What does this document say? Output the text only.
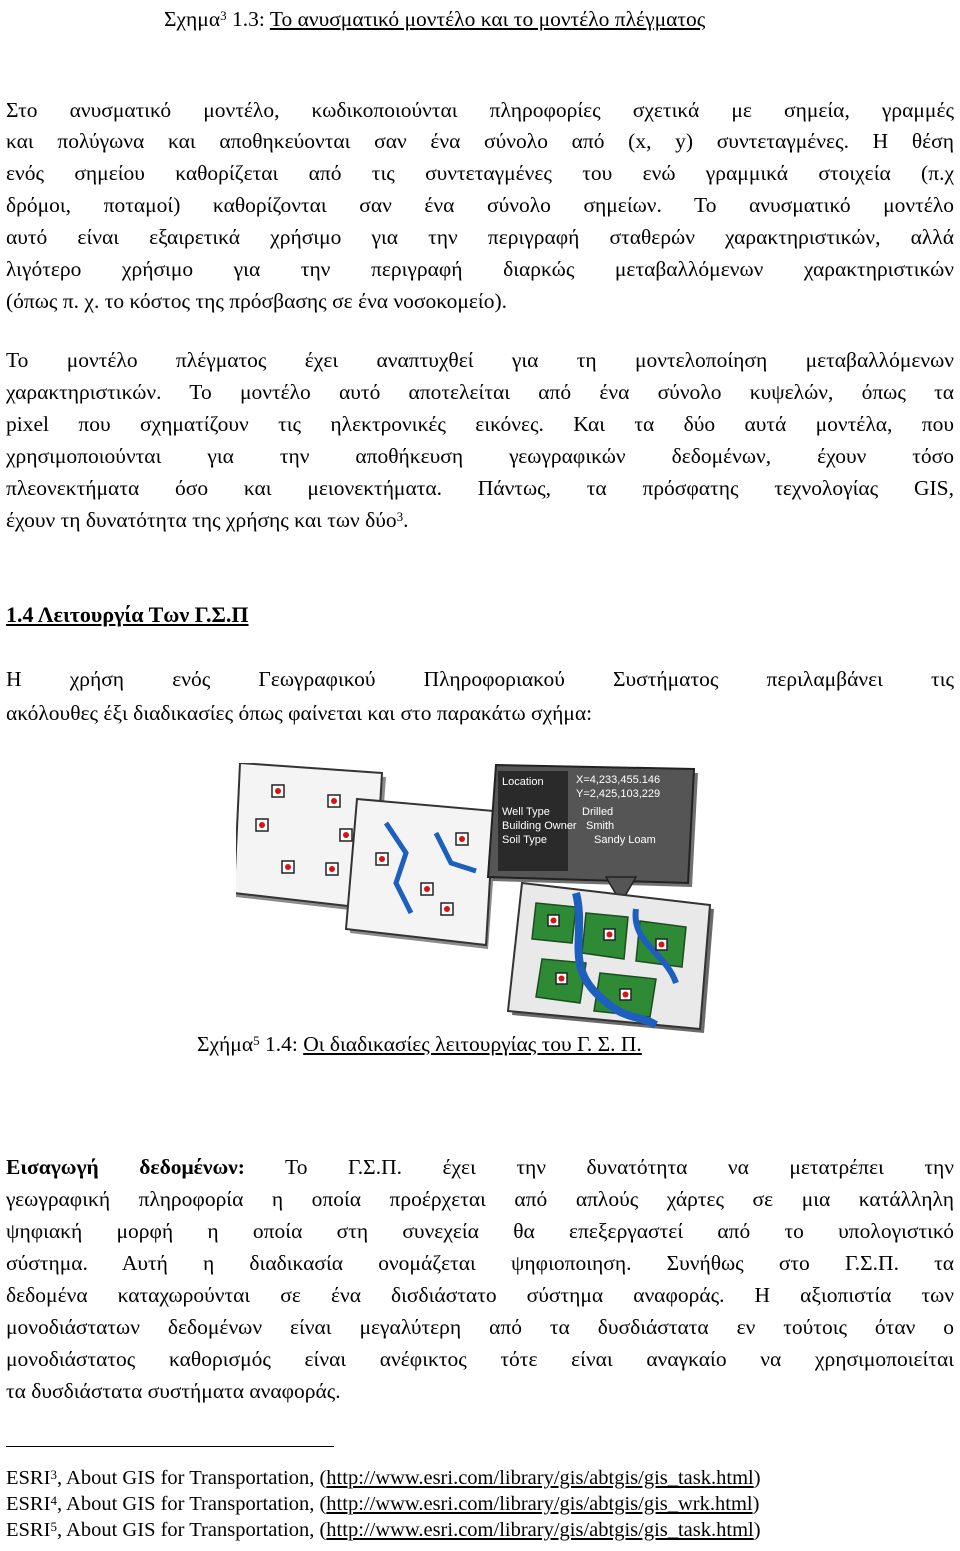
Σχημα$^3$ 1.3: Το ανυσματικό μοντέλο και το μοντέλο πλέγματος
Στο ανυσματικό μοντέλο, κωδικοποιούνται πληροφορίες σχετικά με σημεία, γραμμές
και πολύγωνα και αποθηκεύονται σαν ένα σύνολο από (x, y) συντεταγμένες. Η θέση
ενός σημείου καθορίζεται από τις συντεταγμένες του ενώ γραμμικά στοιχεία (π.χ
δρόμοι, ποταμοί) καθορίζονται σαν ένα σύνολο σημείων. Το ανυσματικό μοντέλο
αυτό είναι εξαιρετικά χρήσιμο για την περιγραφή σταθερών χαρακτηριστικών, αλλά
λιγότερο χρήσιμο για την περιγραφή διαρκώς μεταβαλλόμενων χαρακτηριστικών
(όπως π. χ. το κόστος της πρόσβασης σε ένα νοσοκομείο).
Το μοντέλο πλέγματος έχει αναπτυχθεί για τη μοντελοποίηση μεταβαλλόμενων
χαρακτηριστικών. Το μοντέλο αυτό αποτελείται από ένα σύνολο κυψελών, όπως τα
pixel που σχηματίζουν τις ηλεκτρονικές εικόνες. Και τα δύο αυτά μοντέλα, που
χρησιμοποιούνται για την αποθήκευση γεωγραφικών δεδομένων, έχουν τόσο
πλεονεκτήματα όσο και μειονεκτήματα. Πάντως, τα πρόσφατης τεχνολογίας GIS,
έχουν τη δυνατότητα της χρήσης και των δύο$^3$.
1.4 Λειτουργία Των Γ.Σ.Π
Η χρήση ενός Γεωγραφικού Πληροφοριακού Συστήματος περιλαμβάνει τις
ακόλουθες έξι διαδικασίες όπως φαίνεται και στο παρακάτω σχήμα:
Location
Well Type
Building Owner
Soil Type
X=4,233,455.146
Y=2,425,103,229
Drilled
Smith
Sandy Loam
Σχήμα$^5$ 1.4: Οι διαδικασίες λειτουργίας του Γ. Σ. Π.
Εισαγωγή δεδομένων: Το Γ.Σ.Π. έχει την δυνατότητα να μετατρέπει την
γεωγραφική πληροφορία η οποία προέρχεται από απλούς χάρτες σε μια κατάλληλη
ψηφιακή μορφή η οποία στη συνεχεία θα επεξεργαστεί από το υπολογιστικό
σύστημα. Αυτή η διαδικασία ονομάζεται ψηφιοποιηση. Συνήθως στο Γ.Σ.Π. τα
δεδομένα καταχωρούνται σε ένα δισδιάστατο σύστημα αναφοράς. Η αξιοπιστία των
μονοδιάστατων δεδομένων είναι μεγαλύτερη από τα δυσδιάστατα εν τούτοις όταν ο
μονοδιάστατος καθορισμός είναι ανέφικτος τότε είναι αναγκαίο να χρησιμοποιείται
τα δυσδιάστατα συστήματα αναφοράς.
ESRI$^3$, About GIS for Transportation, (http://www.esri.com/library/gis/abtgis/gis_task.html)
ESRI$^4$, About GIS for Transportation, (http://www.esri.com/library/gis/abtgis/gis_wrk.html)
ESRI$^5$, About GIS for Transportation, (http://www.esri.com/library/gis/abtgis/gis_task.html)
